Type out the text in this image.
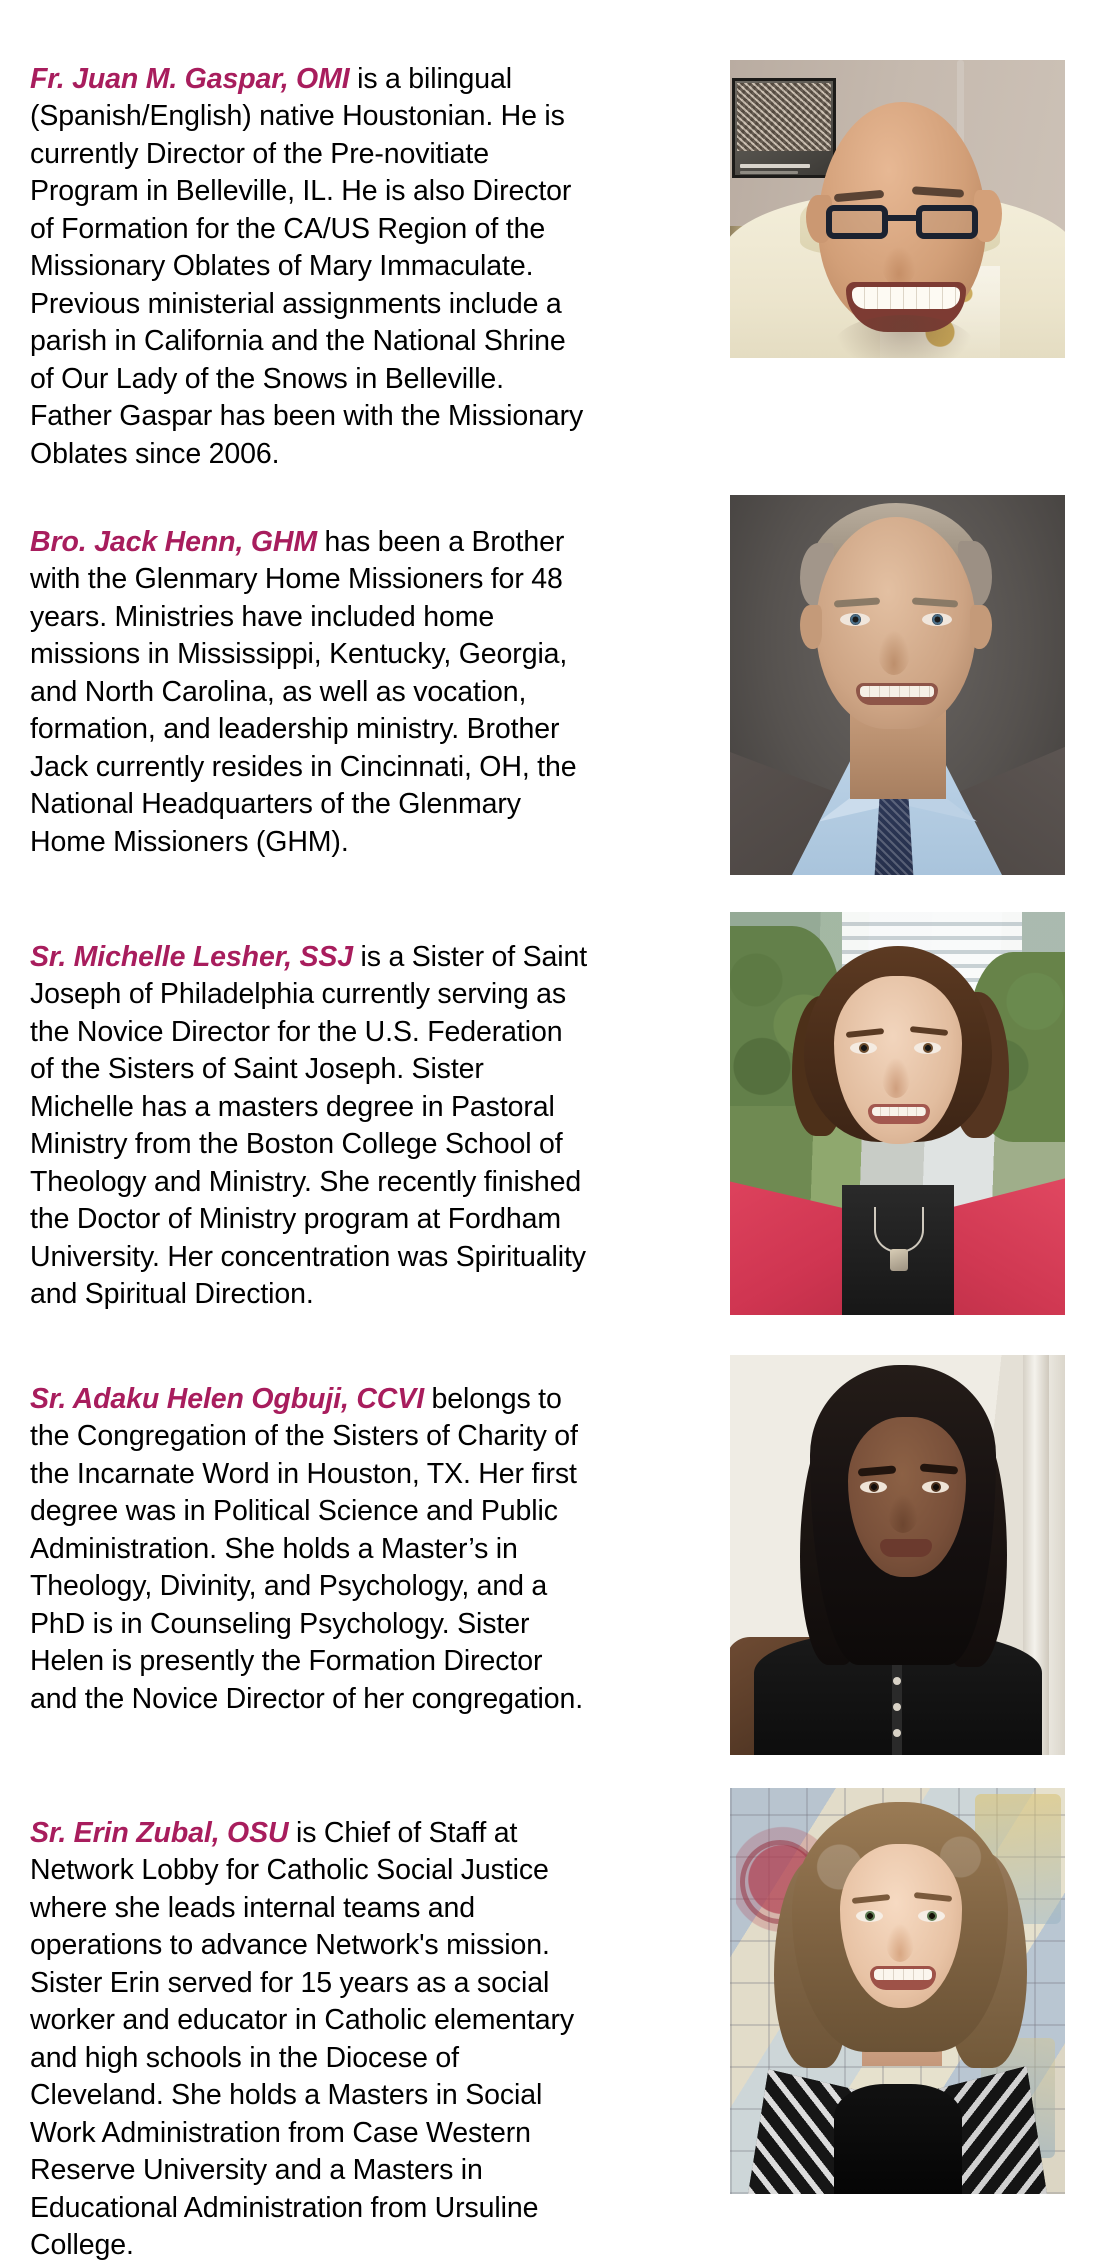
Fr. Juan M. Gaspar, OMI is a bilingual (Spanish/English) native Houstonian. He is currently Director of the Pre-novitiate Program in Belleville, IL. He is also Director of Formation for the CA/US Region of the Missionary Oblates of Mary Immaculate. Previous ministerial assignments include a parish in California and the National Shrine of Our Lady of the Snows in Belleville. Father Gaspar has been with the Missionary Oblates since 2006.

Bro. Jack Henn, GHM has been a Brother with the Glenmary Home Missioners for 48 years. Ministries have included home missions in Mississippi, Kentucky, Georgia, and North Carolina, as well as vocation, formation, and leadership ministry. Brother Jack currently resides in Cincinnati, OH, the National Headquarters of the Glenmary Home Missioners (GHM).

Sr. Michelle Lesher, SSJ is a Sister of Saint Joseph of Philadelphia currently serving as the Novice Director for the U.S. Federation of the Sisters of Saint Joseph. Sister Michelle has a masters degree in Pastoral Ministry from the Boston College School of Theology and Ministry. She recently finished the Doctor of Ministry program at Fordham University. Her concentration was Spirituality and Spiritual Direction.

Sr. Adaku Helen Ogbuji, CCVI belongs to the Congregation of the Sisters of Charity of the Incarnate Word in Houston, TX. Her first degree was in Political Science and Public Administration. She holds a Master’s in Theology, Divinity, and Psychology, and a PhD is in Counseling Psychology. Sister Helen is presently the Formation Director and the Novice Director of her congregation.

Sr. Erin Zubal, OSU is Chief of Staff at Network Lobby for Catholic Social Justice where she leads internal teams and operations to advance Network's mission. Sister Erin served for 15 years as a social worker and educator in Catholic elementary and high schools in the Diocese of Cleveland. She holds a Masters in Social Work Administration from Case Western Reserve University and a Masters in Educational Administration from Ursuline College.
